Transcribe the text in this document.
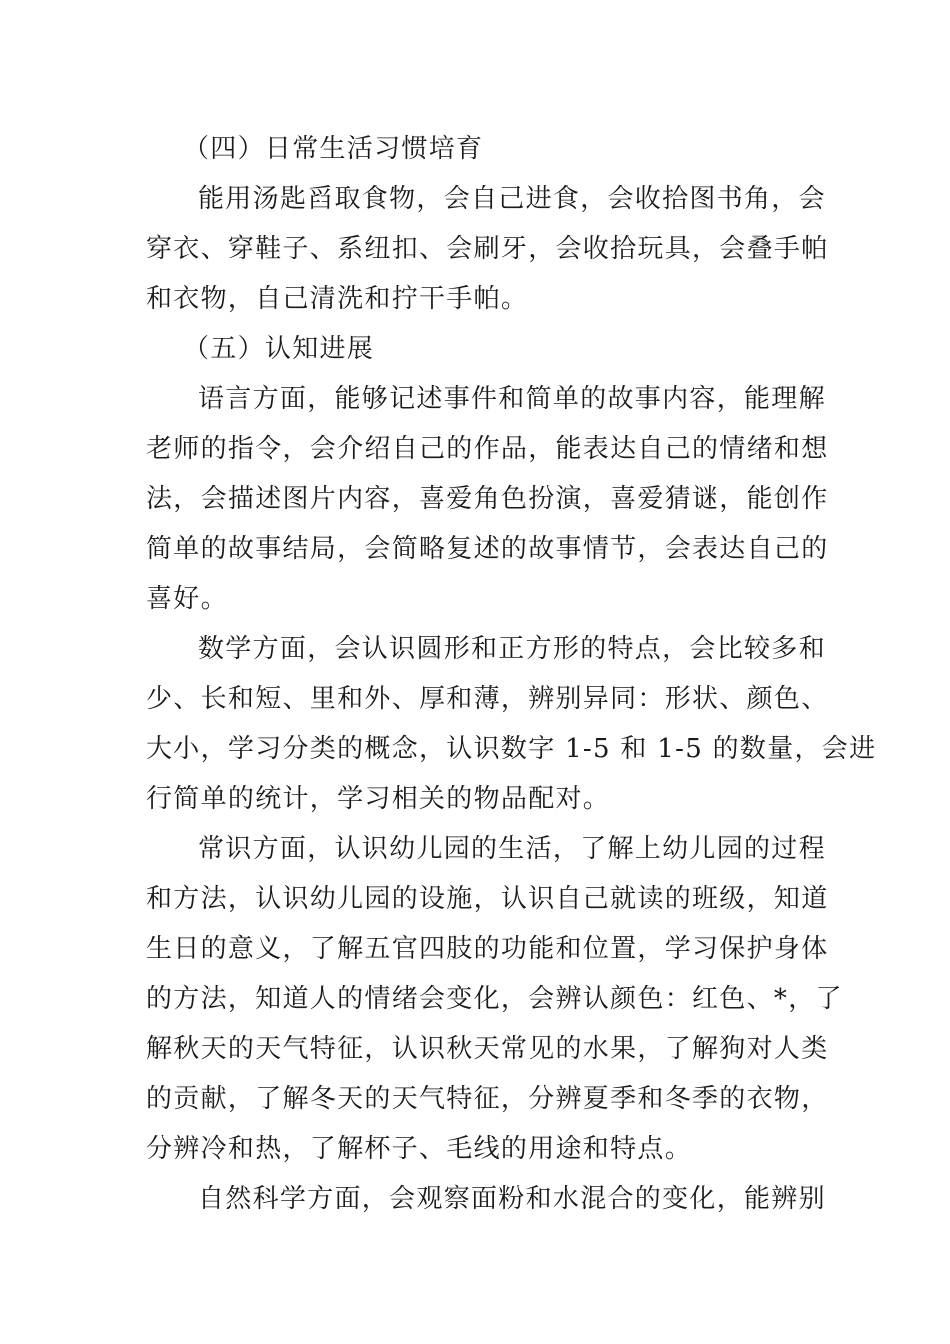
（四）日常生活习惯培育
能用汤匙舀取食物，会自己进食，会收拾图书角，会
穿衣、穿鞋子、系纽扣、会刷牙，会收拾玩具，会叠手帕
和衣物，自己清洗和拧干手帕。
（五）认知进展
语言方面，能够记述事件和简单的故事内容，能理解
老师的指令，会介绍自己的作品，能表达自己的情绪和想
法，会描述图片内容，喜爱角色扮演，喜爱猜谜，能创作
简单的故事结局，会简略复述的故事情节，会表达自己的
喜好。
数学方面，会认识圆形和正方形的特点，会比较多和
少、长和短、里和外、厚和薄，辨别异同：形状、颜色、
大小，学习分类的概念，认识数字 1-5 和 1-5 的数量，会进
行简单的统计，学习相关的物品配对。
常识方面，认识幼儿园的生活，了解上幼儿园的过程
和方法，认识幼儿园的设施，认识自己就读的班级，知道
生日的意义，了解五官四肢的功能和位置，学习保护身体
的方法，知道人的情绪会变化，会辨认颜色：红色、*，了
解秋天的天气特征，认识秋天常见的水果，了解狗对人类
的贡献，了解冬天的天气特征，分辨夏季和冬季的衣物，
分辨冷和热，了解杯子、毛线的用途和特点。
自然科学方面，会观察面粉和水混合的变化，能辨别
